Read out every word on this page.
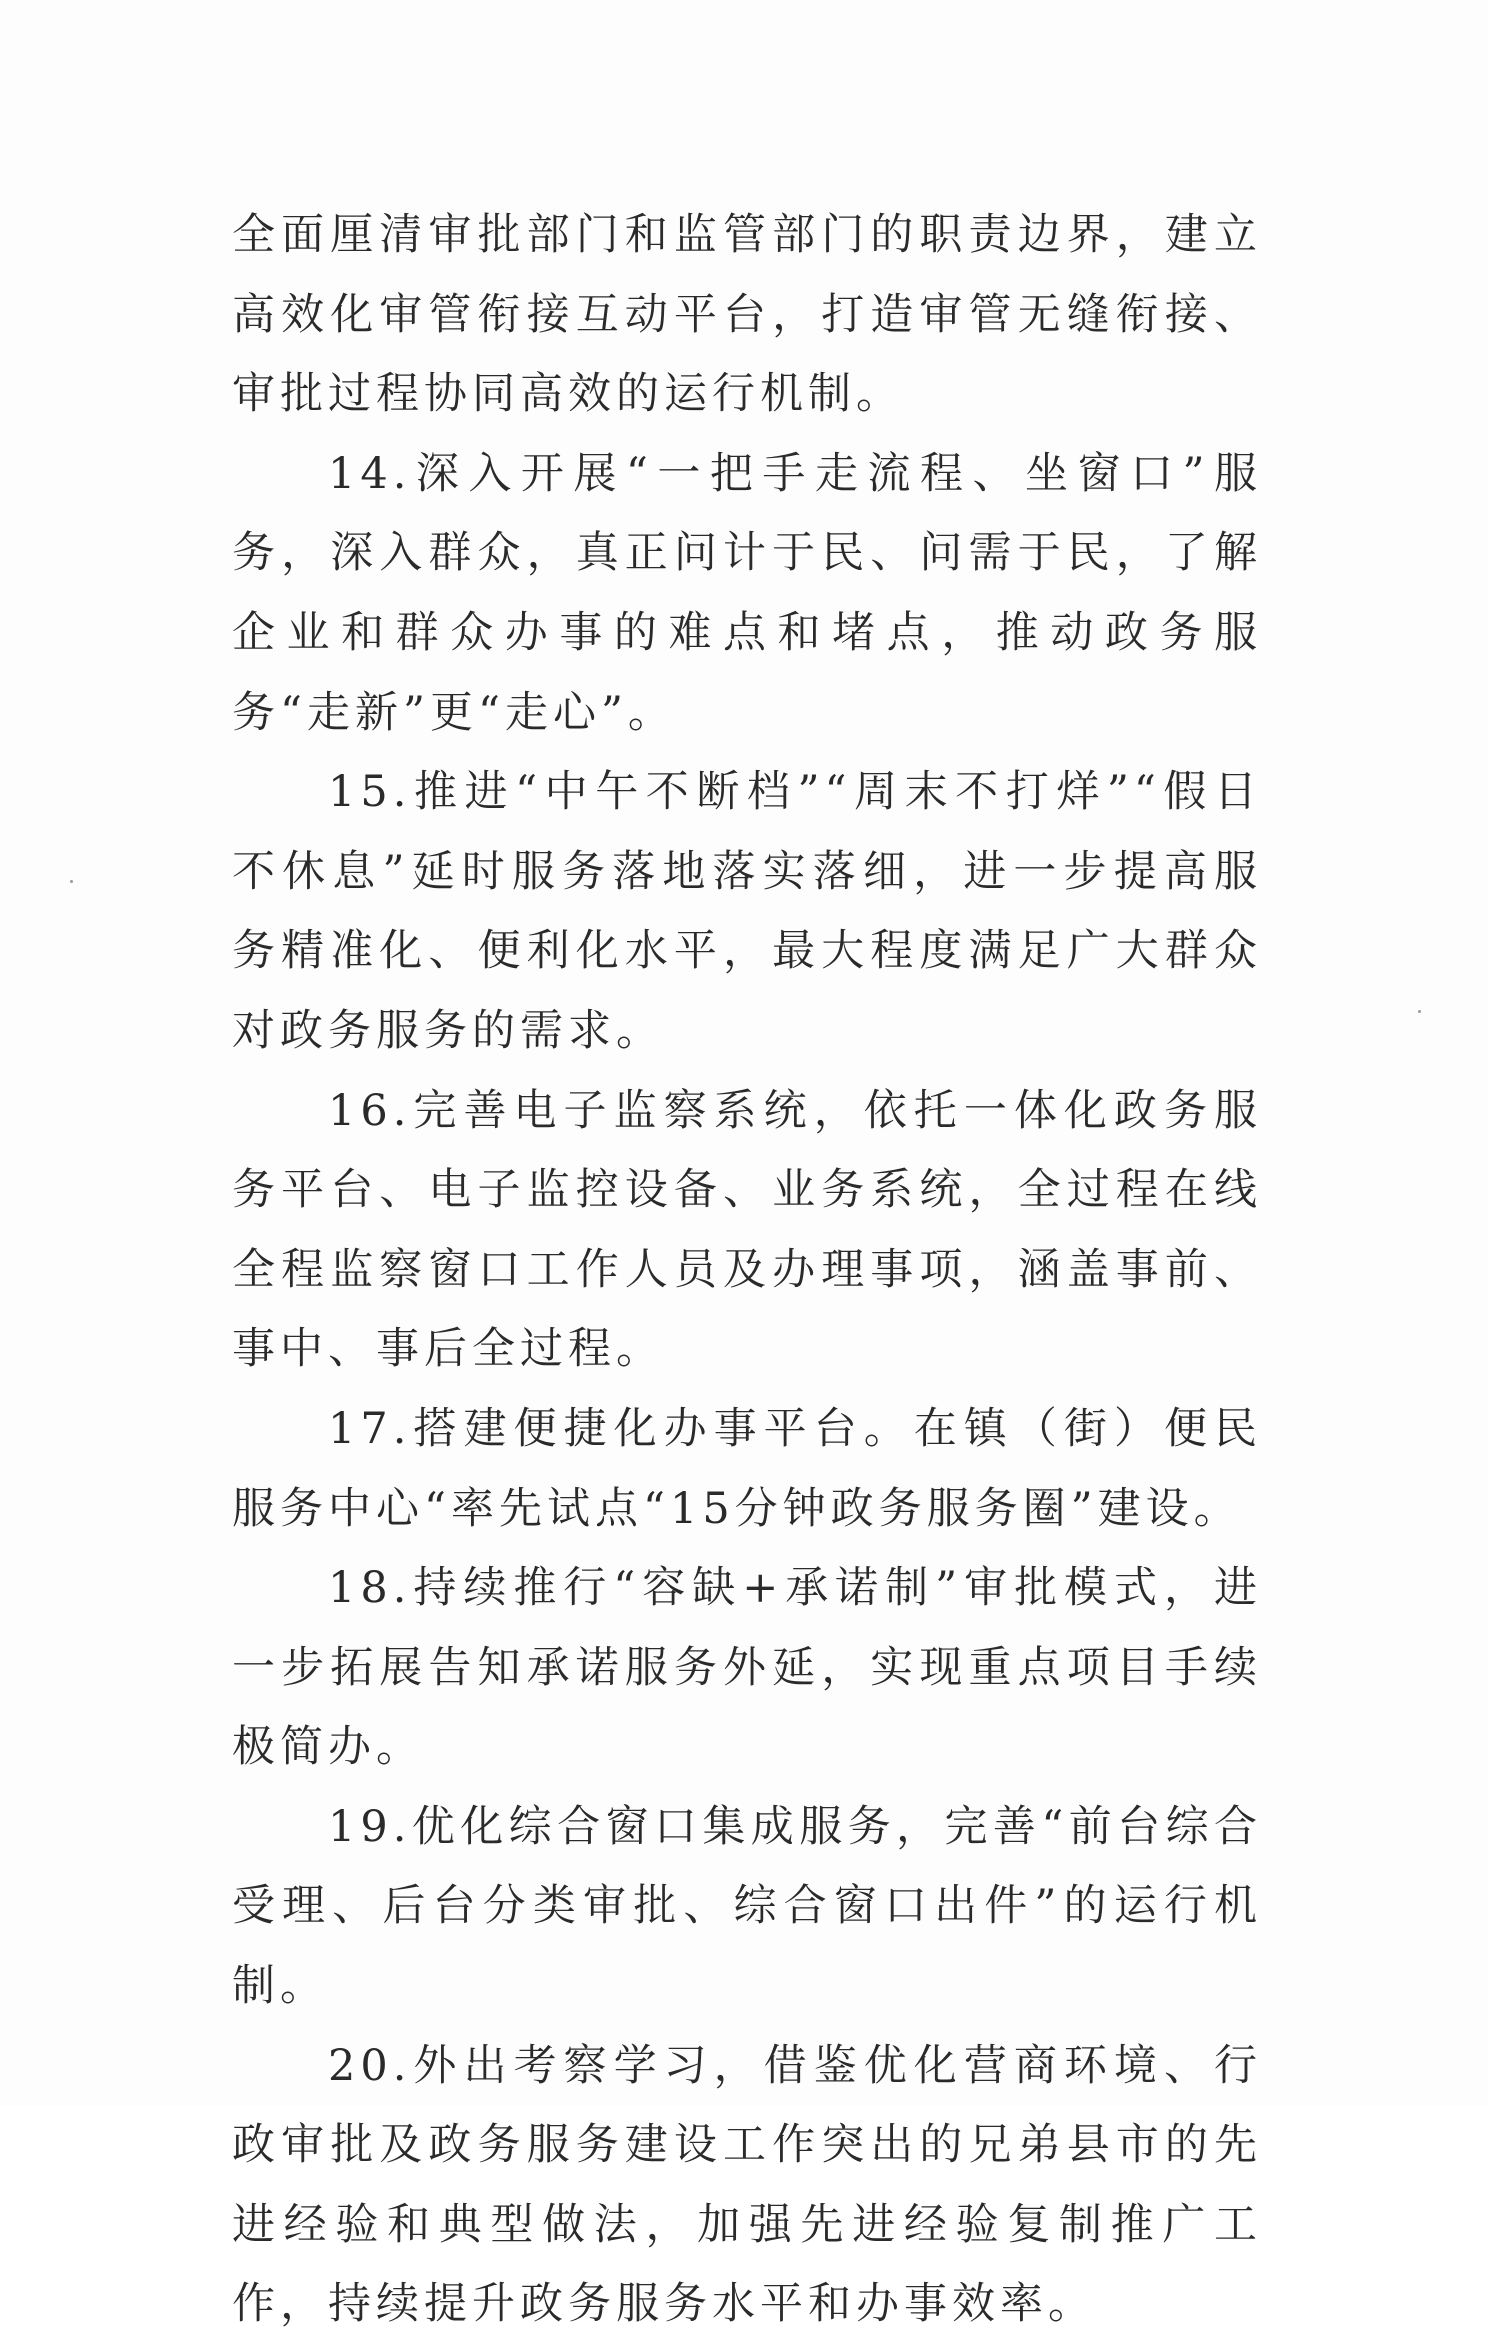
全面厘清审批部门和监管部门的职责边界，建立高效化审管衔接互动平台，打造审管无缝衔接、审批过程协同高效的运行机制。

14.深入开展“一把手走流程、坐窗口”服务，深入群众，真正问计于民、问需于民，了解企业和群众办事的难点和堵点，推动政务服务“走新”更“走心”。

15.推进“中午不断档”“周末不打烊”“假日不休息”延时服务落地落实落细，进一步提高服务精准化、便利化水平，最大程度满足广大群众对政务服务的需求。

16.完善电子监察系统，依托一体化政务服务平台、电子监控设备、业务系统，全过程在线全程监察窗口工作人员及办理事项，涵盖事前、事中、事后全过程。

17.搭建便捷化办事平台。在镇（街）便民服务中心“率先试点“15分钟政务服务圈”建设。

18.持续推行“容缺+承诺制”审批模式，进一步拓展告知承诺服务外延，实现重点项目手续极简办。

19.优化综合窗口集成服务，完善“前台综合受理、后台分类审批、综合窗口出件”的运行机制。

20.外出考察学习，借鉴优化营商环境、行政审批及政务服务建设工作突出的兄弟县市的先进经验和典型做法，加强先进经验复制推广工作，持续提升政务服务水平和办事效率。
